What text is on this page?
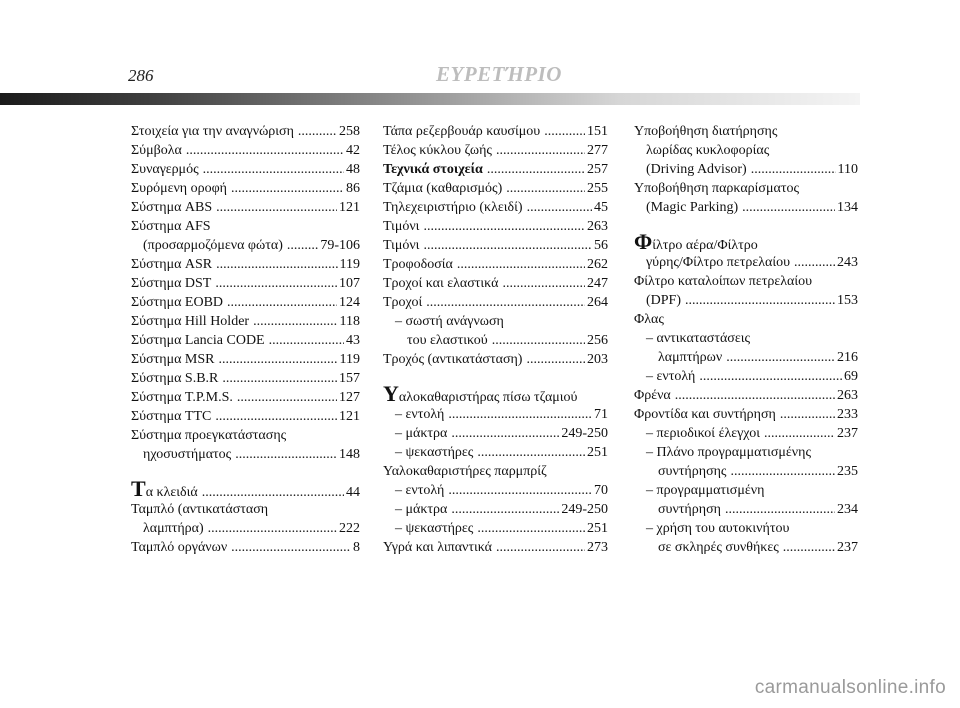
286	ΕΥΡΕΤΉΡΙΟ
Στοιχεία για την αναγνώριση .....	258
Σύμβολα .....	42
Συναγερμός .....	48
Συρόμενη οροφή .....	86
Σύστημα ABS .....	121
Σύστημα AFS
(προσαρμοζόμενα φώτα) .....	79-106
Σύστημα ASR .....	119
Σύστημα DST .....	107
Σύστημα EOBD .....	124
Σύστημα Hill Holder .....	118
Σύστημα Lancia CODE .....	43
Σύστημα MSR .....	119
Σύστημα S.B.R .....	157
Σύστημα T.P.M.S. .....	127
Σύστημα TTC .....	121
Σύστημα προεγκατάστασης
ηχοσυστήματος .....	148
Τ α κλειδιά .....	44
Ταμπλό (αντικατάσταση
λαμπτήρα) .....	222
Ταμπλό οργάνων .....	8
Τάπα ρεζερβουάρ καυσίμου .....	151
Τέλος κύκλου ζωής .....	277
Τεχνικά στοιχεία .....	257
Τζάμια (καθαρισμός) .....	255
Τηλεχειριστήριο (κλειδί) .....	45
Τιμόνι .....	263
Τιμόνι .....	56
Τροφοδοσία .....	262
Τροχοί και ελαστικά .....	247
Τροχοί .....	264
– σωστή ανάγνωση
του ελαστικού .....	256
Τροχός (αντικατάσταση) .....	203
Υ αλοκαθαριστήρας πίσω τζαμιού
– εντολή .....	71
– μάκτρα .....	249-250
– ψεκαστήρες .....	251
Υαλοκαθαριστήρες παρμπρίζ
– εντολή .....	70
– μάκτρα .....	249-250
– ψεκαστήρες .....	251
Υγρά και λιπαντικά .....	273
Υποβοήθηση διατήρησης
λωρίδας κυκλοφορίας
(Driving Advisor) .....	110
Υποβοήθηση παρκαρίσματος
(Magic Parking) .....	134
Φ ίλτρο αέρα/Φίλτρο
γύρης/Φίλτρο πετρελαίου .....	243
Φίλτρο καταλοίπων πετρελαίου
(DPF) .....	153
Φλας
– αντικαταστάσεις
λαμπτήρων .....	216
– εντολή .....	69
Φρένα .....	263
Φροντίδα και συντήρηση .....	233
– περιοδικοί έλεγχοι .....	237
– Πλάνο προγραμματισμένης
συντήρησης .....	235
– προγραμματισμένη
συντήρηση .....	234
– χρήση του αυτοκινήτου
σε σκληρές συνθήκες .....	237
carmanualsonline.info
